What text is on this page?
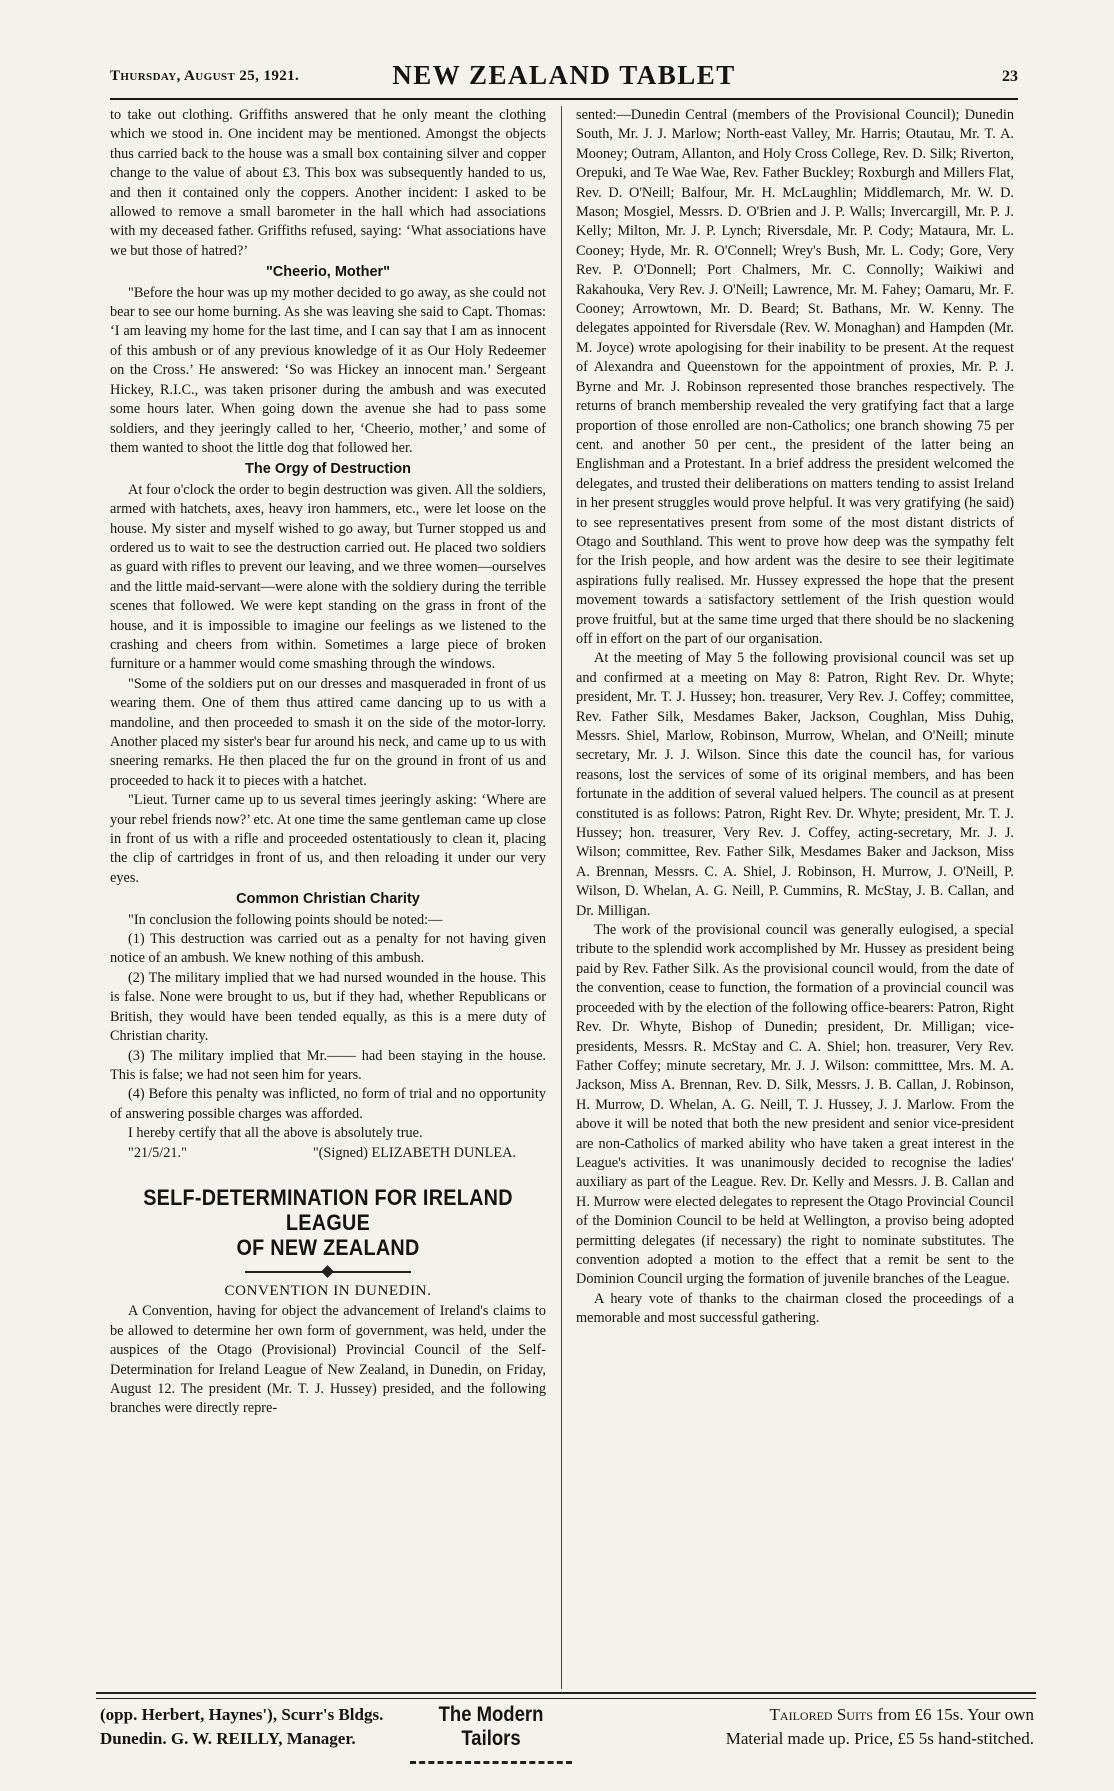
Thursday, August 25, 1921.	NEW ZEALAND TABLET	23

to take out clothing. Griffiths answered that he only meant the clothing which we stood in. One incident may be mentioned. Amongst the objects thus carried back to the house was a small box containing silver and copper change to the value of about £3. This box was subsequently handed to us, and then it contained only the coppers. Another incident: I asked to be allowed to remove a small barometer in the hall which had associations with my deceased father. Griffiths refused, saying: ‘What associations have we but those of hatred?’

"Cheerio, Mother"

"Before the hour was up my mother decided to go away, as she could not bear to see our home burning. As she was leaving she said to Capt. Thomas: ‘I am leaving my home for the last time, and I can say that I am as innocent of this ambush or of any previous knowledge of it as Our Holy Redeemer on the Cross.’ He answered: ‘So was Hickey an innocent man.’ Sergeant Hickey, R.I.C., was taken prisoner during the ambush and was executed some hours later. When going down the avenue she had to pass some soldiers, and they jeeringly called to her, ‘Cheerio, mother,’ and some of them wanted to shoot the little dog that followed her.

The Orgy of Destruction

At four o'clock the order to begin destruction was given. All the soldiers, armed with hatchets, axes, heavy iron hammers, etc., were let loose on the house. My sister and myself wished to go away, but Turner stopped us and ordered us to wait to see the destruction carried out. He placed two soldiers as guard with rifles to prevent our leaving, and we three women—ourselves and the little maid-servant—were alone with the soldiery during the terrible scenes that followed. We were kept standing on the grass in front of the house, and it is impossible to imagine our feelings as we listened to the crashing and cheers from within. Sometimes a large piece of broken furniture or a hammer would come smashing through the windows.

"Some of the soldiers put on our dresses and masqueraded in front of us wearing them. One of them thus attired came dancing up to us with a mandoline, and then proceeded to smash it on the side of the motor-lorry. Another placed my sister's bear fur around his neck, and came up to us with sneering remarks. He then placed the fur on the ground in front of us and proceeded to hack it to pieces with a hatchet.

"Lieut. Turner came up to us several times jeeringly asking: ‘Where are your rebel friends now?’ etc. At one time the same gentleman came up close in front of us with a rifle and proceeded ostentatiously to clean it, placing the clip of cartridges in front of us, and then reloading it under our very eyes.

Common Christian Charity

"In conclusion the following points should be noted:—

(1) This destruction was carried out as a penalty for not having given notice of an ambush. We knew nothing of this ambush.

(2) The military implied that we had nursed wounded in the house. This is false. None were brought to us, but if they had, whether Republicans or British, they would have been tended equally, as this is a mere duty of Christian charity.

(3) The military implied that Mr.—— had been staying in the house. This is false; we had not seen him for years.

(4) Before this penalty was inflicted, no form of trial and no opportunity of answering possible charges was afforded.

I hereby certify that all the above is absolutely true.

"21/5/21."	"(Signed) ELIZABETH DUNLEA.

SELF-DETERMINATION FOR IRELAND LEAGUE
OF NEW ZEALAND
CONVENTION IN DUNEDIN.

A Convention, having for object the advancement of Ireland's claims to be allowed to determine her own form of government, was held, under the auspices of the Otago (Provisional) Provincial Council of the Self-Determination for Ireland League of New Zealand, in Dunedin, on Friday, August 12. The president (Mr. T. J. Hussey) presided, and the following branches were directly repre-

sented:—Dunedin Central (members of the Provisional Council); Dunedin South, Mr. J. J. Marlow; North-east Valley, Mr. Harris; Otautau, Mr. T. A. Mooney; Outram, Allanton, and Holy Cross College, Rev. D. Silk; Riverton, Orepuki, and Te Wae Wae, Rev. Father Buckley; Roxburgh and Millers Flat, Rev. D. O'Neill; Balfour, Mr. H. McLaughlin; Middlemarch, Mr. W. D. Mason; Mosgiel, Messrs. D. O'Brien and J. P. Walls; Invercargill, Mr. P. J. Kelly; Milton, Mr. J. P. Lynch; Riversdale, Mr. P. Cody; Mataura, Mr. L. Cooney; Hyde, Mr. R. O'Connell; Wrey's Bush, Mr. L. Cody; Gore, Very Rev. P. O'Donnell; Port Chalmers, Mr. C. Connolly; Waikiwi and Rakahouka, Very Rev. J. O'Neill; Lawrence, Mr. M. Fahey; Oamaru, Mr. F. Cooney; Arrowtown, Mr. D. Beard; St. Bathans, Mr. W. Kenny. The delegates appointed for Riversdale (Rev. W. Monaghan) and Hampden (Mr. M. Joyce) wrote apologising for their inability to be present. At the request of Alexandra and Queenstown for the appointment of proxies, Mr. P. J. Byrne and Mr. J. Robinson represented those branches respectively. The returns of branch membership revealed the very gratifying fact that a large proportion of those enrolled are non-Catholics; one branch showing 75 per cent. and another 50 per cent., the president of the latter being an Englishman and a Protestant. In a brief address the president welcomed the delegates, and trusted their deliberations on matters tending to assist Ireland in her present struggles would prove helpful. It was very gratifying (he said) to see representatives present from some of the most distant districts of Otago and Southland. This went to prove how deep was the sympathy felt for the Irish people, and how ardent was the desire to see their legitimate aspirations fully realised. Mr. Hussey expressed the hope that the present movement towards a satisfactory settlement of the Irish question would prove fruitful, but at the same time urged that there should be no slackening off in effort on the part of our organisation.

At the meeting of May 5 the following provisional council was set up and confirmed at a meeting on May 8: Patron, Right Rev. Dr. Whyte; president, Mr. T. J. Hussey; hon. treasurer, Very Rev. J. Coffey; committee, Rev. Father Silk, Mesdames Baker, Jackson, Coughlan, Miss Duhig, Messrs. Shiel, Marlow, Robinson, Murrow, Whelan, and O'Neill; minute secretary, Mr. J. J. Wilson. Since this date the council has, for various reasons, lost the services of some of its original members, and has been fortunate in the addition of several valued helpers. The council as at present constituted is as follows: Patron, Right Rev. Dr. Whyte; president, Mr. T. J. Hussey; hon. treasurer, Very Rev. J. Coffey, acting-secretary, Mr. J. J. Wilson; committee, Rev. Father Silk, Mesdames Baker and Jackson, Miss A. Brennan, Messrs. C. A. Shiel, J. Robinson, H. Murrow, J. O'Neill, P. Wilson, D. Whelan, A. G. Neill, P. Cummins, R. McStay, J. B. Callan, and Dr. Milligan.

The work of the provisional council was generally eulogised, a special tribute to the splendid work accomplished by Mr. Hussey as president being paid by Rev. Father Silk. As the provisional council would, from the date of the convention, cease to function, the formation of a provincial council was proceeded with by the election of the following office-bearers: Patron, Right Rev. Dr. Whyte, Bishop of Dunedin; president, Dr. Milligan; vice-presidents, Messrs. R. McStay and C. A. Shiel; hon. treasurer, Very Rev. Father Coffey; minute secretary, Mr. J. J. Wilson: committtee, Mrs. M. A. Jackson, Miss A. Brennan, Rev. D. Silk, Messrs. J. B. Callan, J. Robinson, H. Murrow, D. Whelan, A. G. Neill, T. J. Hussey, J. J. Marlow. From the above it will be noted that both the new president and senior vice-president are non-Catholics of marked ability who have taken a great interest in the League's activities. It was unanimously decided to recognise the ladies' auxiliary as part of the League. Rev. Dr. Kelly and Messrs. J. B. Callan and H. Murrow were elected delegates to represent the Otago Provincial Council of the Dominion Council to be held at Wellington, a proviso being adopted permitting delegates (if necessary) the right to nominate substitutes. The convention adopted a motion to the effect that a remit be sent to the Dominion Council urging the formation of juvenile branches of the League.

A heary vote of thanks to the chairman closed the proceedings of a memorable and most successful gathering.

(opp. Herbert, Haynes'), Scurr's Bldgs.
Dunedin. G. W. REILLY, Manager.
The Modern Tailors
Tailored Suits from £6 15s. Your own
Material made up. Price, £5 5s hand-stitched.
